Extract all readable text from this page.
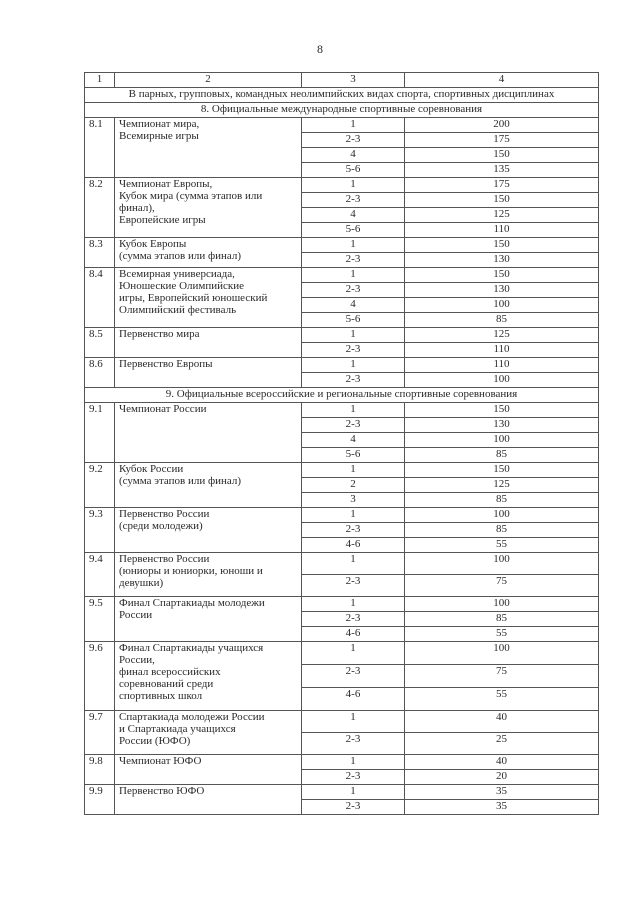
8
1	2	3	4
В парных, групповых, командных неолимпийских видах спорта, спортивных дисциплинах			
8. Официальные международные спортивные соревнования			
8.1	Чемпионат мира,
Всемирные игры	1	200
		2-3	175
		4	150
		5-6	135
8.2	Чемпионат Европы,
Кубок мира (сумма этапов или
финал),
Европейские игры	1	175
		2-3	150
		4	125
		5-6	110
8.3	Кубок Европы
(сумма этапов или финал)	1	150
		2-3	130
8.4	Всемирная универсиада,
Юношеские Олимпийские
игры, Европейский юношеский
Олимпийский фестиваль	1	150
		2-3	130
		4	100
		5-6	85
8.5	Первенство мира	1	125
		2-3	110
8.6	Первенство Европы	1	110
		2-3	100
9. Официальные всероссийские и региональные спортивные соревнования			
9.1	Чемпионат России	1	150
		2-3	130
		4	100
		5-6	85
9.2	Кубок России
(сумма этапов или финал)	1	150
		2	125
		3	85
9.3	Первенство России
(среди молодежи)	1	100
		2-3	85
		4-6	55
9.4	Первенство России
(юниоры и юниорки, юноши и
девушки)	1	100
		2-3	75
9.5	Финал Спартакиады молодежи
России	1	100
		2-3	85
		4-6	55
9.6	Финал Спартакиады учащихся
России,
финал всероссийских
соревнований среди
спортивных школ	1	100
		2-3	75
		4-6	55
9.7	Спартакиада молодежи России
и Спартакиада учащихся
России (ЮФО)	1	40
		2-3	25
9.8	Чемпионат ЮФО	1	40
		2-3	20
9.9	Первенство ЮФО	1	35
		2-3	35
